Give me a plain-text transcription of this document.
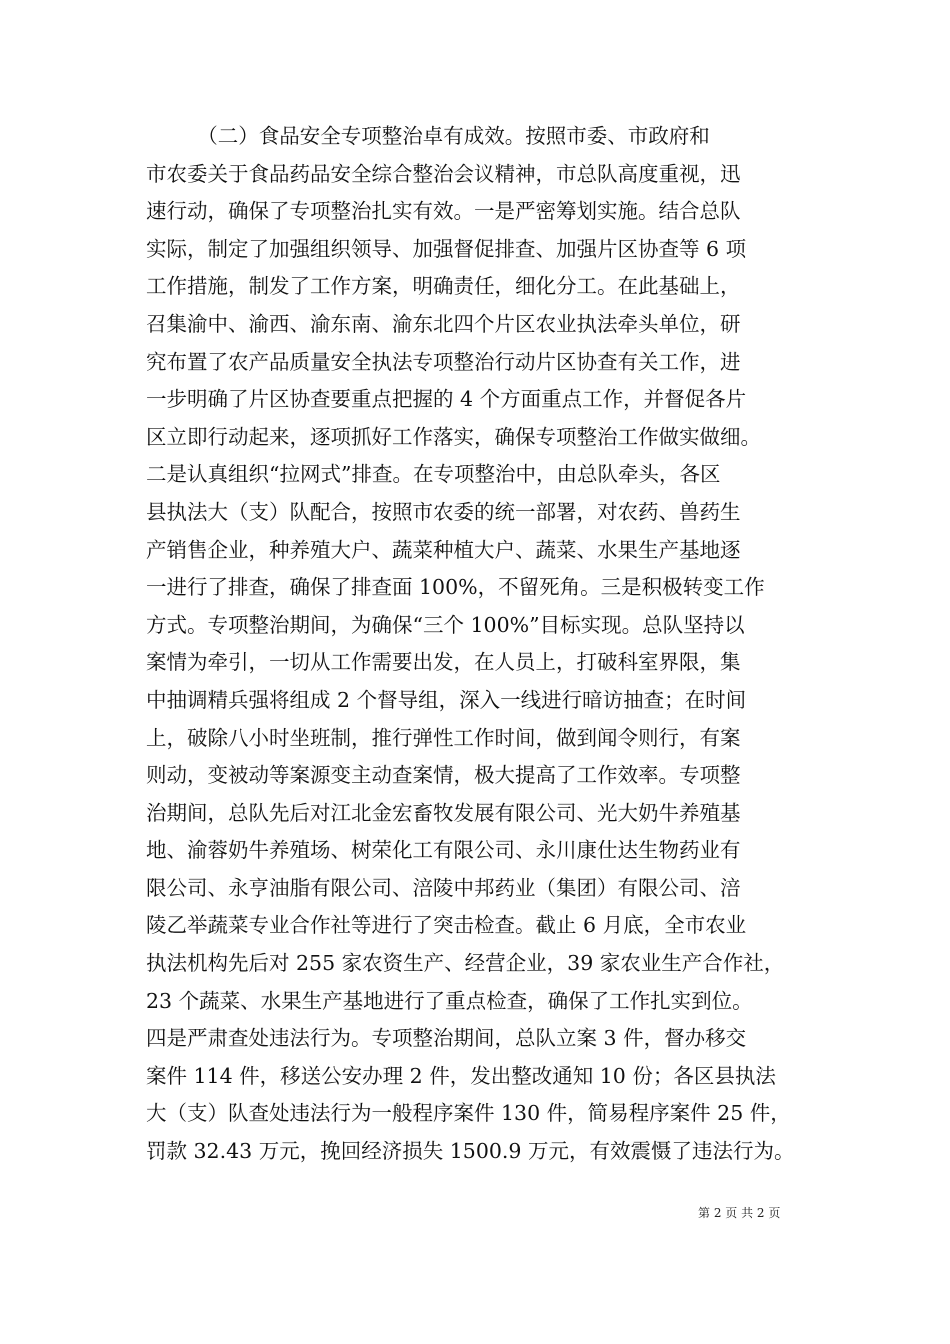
　　　（二）食品安全专项整治卓有成效。按照市委、市政府和
市农委关于食品药品安全综合整治会议精神，市总队高度重视，迅
速行动，确保了专项整治扎实有效。一是严密筹划实施。结合总队
实际，制定了加强组织领导、加强督促排查、加强片区协查等 6 项
工作措施，制发了工作方案，明确责任，细化分工。在此基础上，
召集渝中、渝西、渝东南、渝东北四个片区农业执法牵头单位，研
究布置了农产品质量安全执法专项整治行动片区协查有关工作，进
一步明确了片区协查要重点把握的 4 个方面重点工作，并督促各片
区立即行动起来，逐项抓好工作落实，确保专项整治工作做实做细。
二是认真组织“拉网式”排查。在专项整治中，由总队牵头，各区
县执法大（支）队配合，按照市农委的统一部署，对农药、兽药生
产销售企业，种养殖大户、蔬菜种植大户、蔬菜、水果生产基地逐
一进行了排查，确保了排查面 100%，不留死角。三是积极转变工作
方式。专项整治期间，为确保“三个 100%”目标实现。总队坚持以
案情为牵引，一切从工作需要出发，在人员上，打破科室界限，集
中抽调精兵强将组成 2 个督导组，深入一线进行暗访抽查；在时间
上，破除八小时坐班制，推行弹性工作时间，做到闻令则行，有案
则动，变被动等案源变主动查案情，极大提高了工作效率。专项整
治期间，总队先后对江北金宏畜牧发展有限公司、光大奶牛养殖基
地、渝蓉奶牛养殖场、树荣化工有限公司、永川康仕达生物药业有
限公司、永亨油脂有限公司、涪陵中邦药业（集团）有限公司、涪
陵乙举蔬菜专业合作社等进行了突击检查。截止 6 月底，全市农业
执法机构先后对 255 家农资生产、经营企业，39 家农业生产合作社，
23 个蔬菜、水果生产基地进行了重点检查，确保了工作扎实到位。
四是严肃查处违法行为。专项整治期间，总队立案 3 件，督办移交
案件 114 件，移送公安办理 2 件，发出整改通知 10 份；各区县执法
大（支）队查处违法行为一般程序案件 130 件，简易程序案件 25 件，
罚款 32.43 万元，挽回经济损失 1500.9 万元，有效震慑了违法行为。
第 2 页 共 2 页
